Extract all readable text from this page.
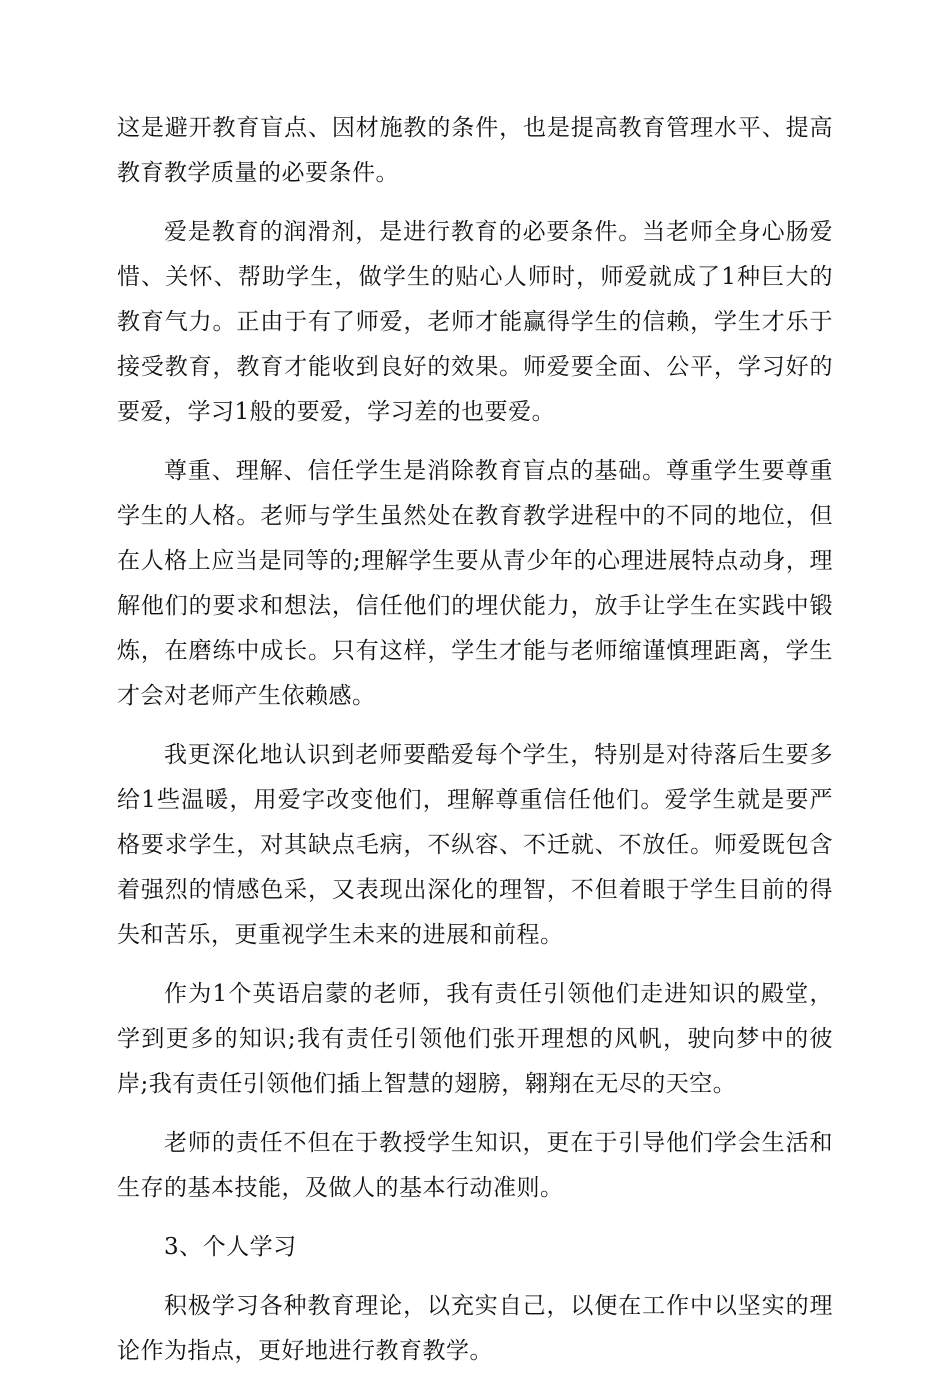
这是避开教育盲点、因材施教的条件，也是提高教育管理水平、提高教育教学质量的必要条件。

爱是教育的润滑剂，是进行教育的必要条件。当老师全身心肠爱惜、关怀、帮助学生，做学生的贴心人师时，师爱就成了1种巨大的教育气力。正由于有了师爱，老师才能赢得学生的信赖，学生才乐于接受教育，教育才能收到良好的效果。师爱要全面、公平，学习好的要爱，学习1般的要爱，学习差的也要爱。

尊重、理解、信任学生是消除教育盲点的基础。尊重学生要尊重学生的人格。老师与学生虽然处在教育教学进程中的不同的地位，但在人格上应当是同等的;理解学生要从青少年的心理进展特点动身，理解他们的要求和想法，信任他们的埋伏能力，放手让学生在实践中锻炼，在磨练中成长。只有这样，学生才能与老师缩谨慎理距离，学生才会对老师产生依赖感。

我更深化地认识到老师要酷爱每个学生，特别是对待落后生要多给1些温暖，用爱字改变他们，理解尊重信任他们。爱学生就是要严格要求学生，对其缺点毛病，不纵容、不迁就、不放任。师爱既包含着强烈的情感色采，又表现出深化的理智，不但着眼于学生目前的得失和苦乐，更重视学生未来的进展和前程。

作为1个英语启蒙的老师，我有责任引领他们走进知识的殿堂，学到更多的知识;我有责任引领他们张开理想的风帆，驶向梦中的彼岸;我有责任引领他们插上智慧的翅膀，翱翔在无尽的天空。

老师的责任不但在于教授学生知识，更在于引导他们学会生活和生存的基本技能，及做人的基本行动准则。

3、个人学习

积极学习各种教育理论，以充实自己，以便在工作中以坚实的理论作为指点，更好地进行教育教学。
